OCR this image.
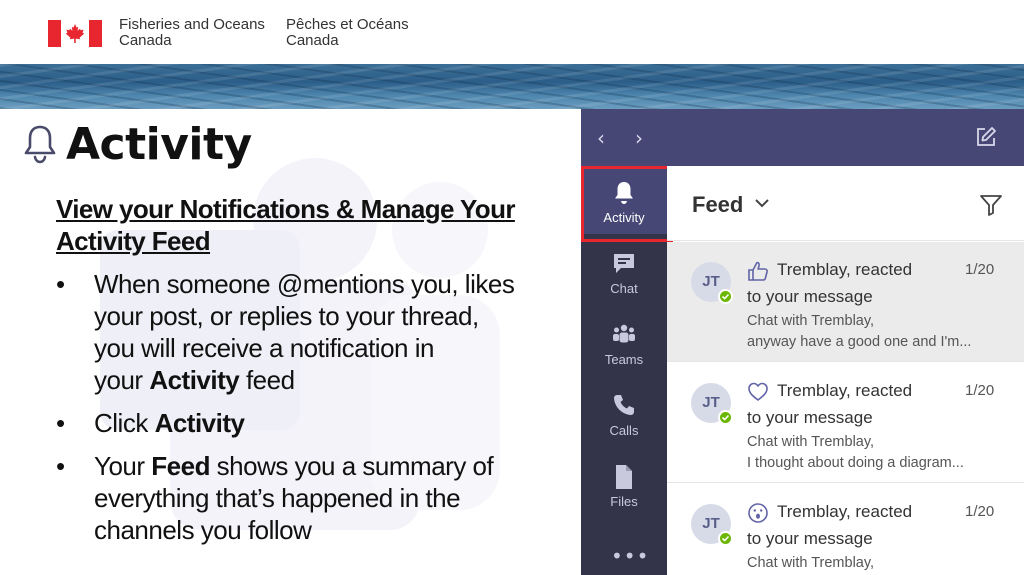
Fisheries and Oceans
Canada
Pêches et Océans
Canada
Activity
View your Notifications & Manage Your
Activity Feed
• When someone @mentions you, likes
your post, or replies to your thread,
you will receive a notification in
your Activity feed
• Click Activity
• Your Feed shows you a summary of
everything that’s happened in the
channels you follow
‹ ›
Activity
Chat
Teams
Calls
Files
•••
Feed
JT
Tremblay, reacted	1/20
to your message
Chat with Tremblay,
anyway have a good one and I'm...
JT
Tremblay, reacted	1/20
to your message
Chat with Tremblay,
I thought about doing a diagram...
JT
Tremblay, reacted	1/20
to your message
Chat with Tremblay,
